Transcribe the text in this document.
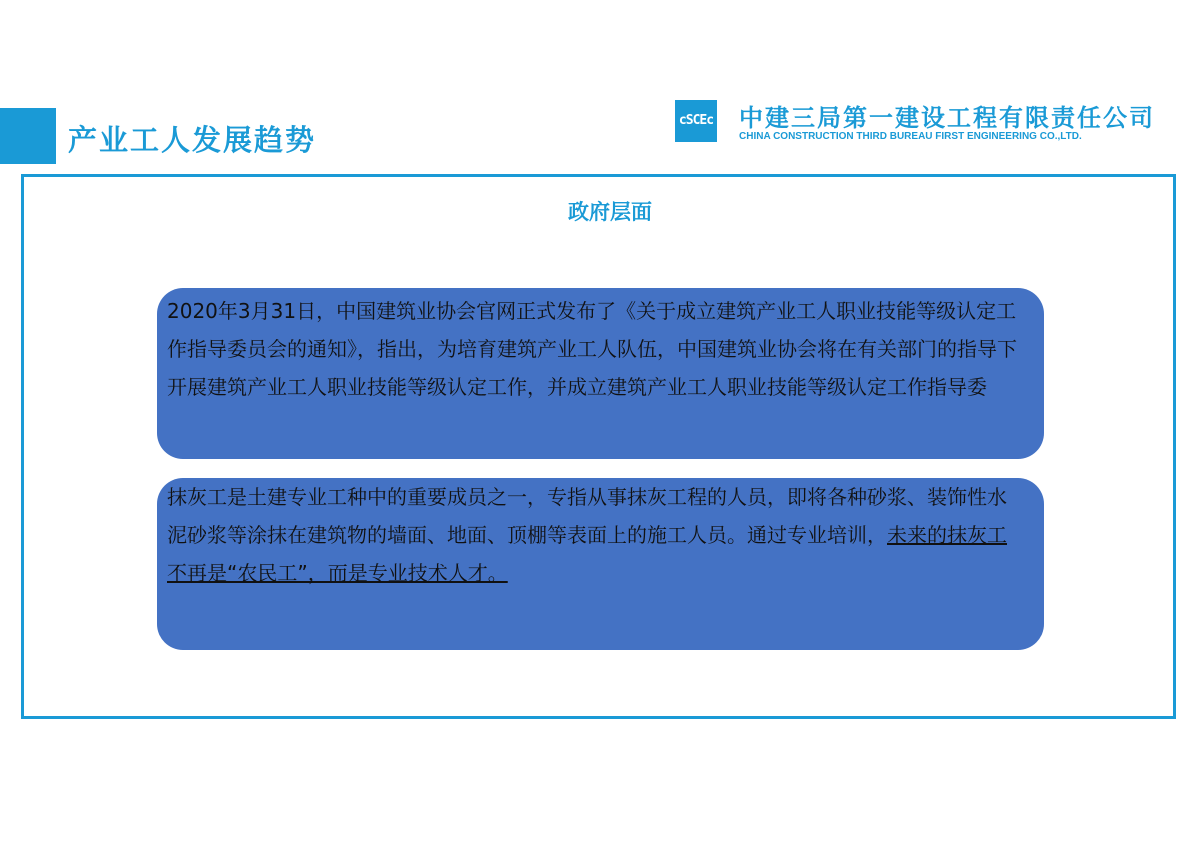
产业工人发展趋势
cSCEc 中建三局第一建设工程有限责任公司
CHINA CONSTRUCTION THIRD BUREAU FIRST ENGINEERING CO.,LTD.
政府层面
2020年3月31日，中国建筑业协会官网正式发布了《关于成立建筑产业工人职业技能等级认定工作指导委员会的通知》，指出，为培育建筑产业工人队伍，中国建筑业协会将在有关部门的指导下开展建筑产业工人职业技能等级认定工作，并成立建筑产业工人职业技能等级认定工作指导委
抹灰工是土建专业工种中的重要成员之一，专指从事抹灰工程的人员，即将各种砂浆、装饰性水泥砂浆等涂抹在建筑物的墙面、地面、顶棚等表面上的施工人员。通过专业培训，未来的抹灰工不再是“农民工”，而是专业技术人才。
